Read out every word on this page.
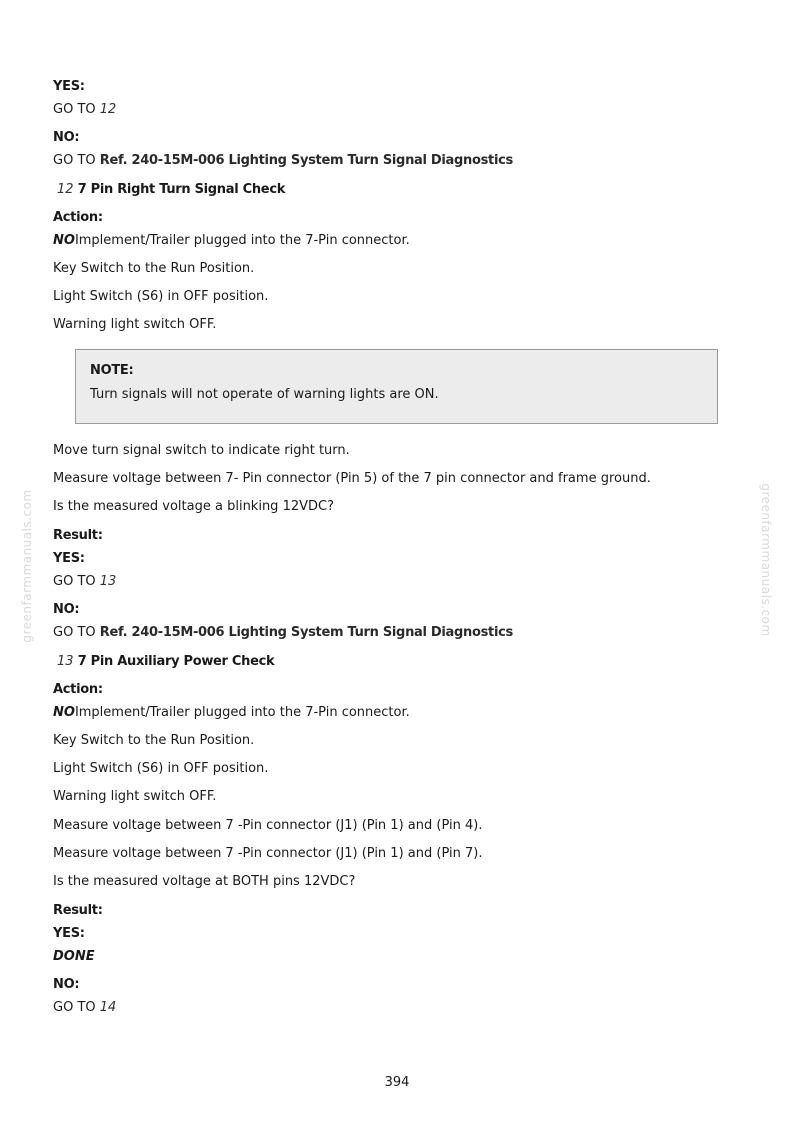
greenfarmmanuals.com	greenfarmmanuals.com
YES:
GO TO 12
NO:
GO TO Ref. 240-15M-006 Lighting System Turn Signal Diagnostics
12 7 Pin Right Turn Signal Check
Action:
NOImplement/Trailer plugged into the 7-Pin connector.
Key Switch to the Run Position.
Light Switch (S6) in OFF position.
Warning light switch OFF.
NOTE:
Turn signals will not operate of warning lights are ON.
Move turn signal switch to indicate right turn.
Measure voltage between 7- Pin connector (Pin 5) of the 7 pin connector and frame ground.
Is the measured voltage a blinking 12VDC?
Result:
YES:
GO TO 13
NO:
GO TO Ref. 240-15M-006 Lighting System Turn Signal Diagnostics
13 7 Pin Auxiliary Power Check
Action:
NOImplement/Trailer plugged into the 7-Pin connector.
Key Switch to the Run Position.
Light Switch (S6) in OFF position.
Warning light switch OFF.
Measure voltage between 7 -Pin connector (J1) (Pin 1) and (Pin 4).
Measure voltage between 7 -Pin connector (J1) (Pin 1) and (Pin 7).
Is the measured voltage at BOTH pins 12VDC?
Result:
YES:
DONE
NO:
GO TO 14
394
